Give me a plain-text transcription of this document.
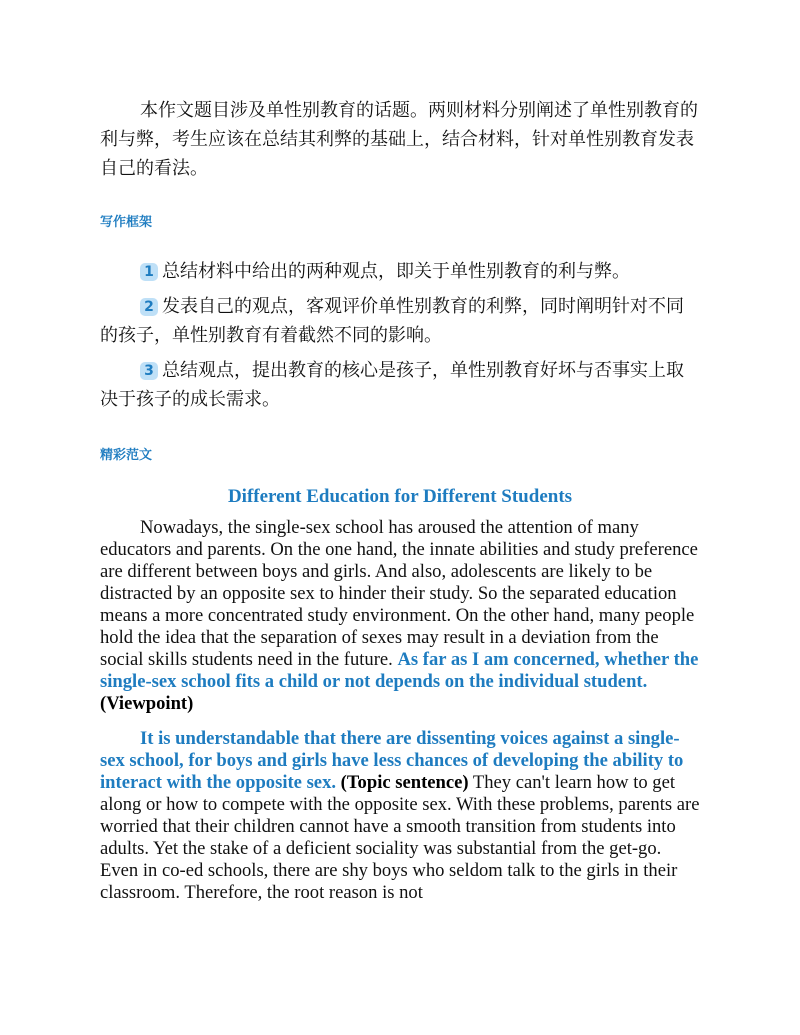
本作文题目涉及单性别教育的话题。两则材料分别阐述了单性别教育的利与弊，考生应该在总结其利弊的基础上，结合材料，针对单性别教育发表自己的看法。

写作框架

1 总结材料中给出的两种观点，即关于单性别教育的利与弊。

2 发表自己的观点，客观评价单性别教育的利弊，同时阐明针对不同的孩子，单性别教育有着截然不同的影响。

3 总结观点，提出教育的核心是孩子，单性别教育好坏与否事实上取决于孩子的成长需求。

精彩范文
Different Education for Different Students

Nowadays, the single-sex school has aroused the attention of many educators and parents. On the one hand, the innate abilities and study preference are different between boys and girls. And also, adolescents are likely to be distracted by an opposite sex to hinder their study. So the separated education means a more concentrated study environment. On the other hand, many people hold the idea that the separation of sexes may result in a deviation from the social skills students need in the future. As far as I am concerned, whether the single-sex school fits a child or not depends on the individual student. (Viewpoint)

It is understandable that there are dissenting voices against a single-sex school, for boys and girls have less chances of developing the ability to interact with the opposite sex. (Topic sentence) They can't learn how to get along or how to compete with the opposite sex. With these problems, parents are worried that their children cannot have a smooth transition from students into adults. Yet the stake of a deficient sociality was substantial from the get-go. Even in co-ed schools, there are shy boys who seldom talk to the girls in their classroom. Therefore, the root reason is not
